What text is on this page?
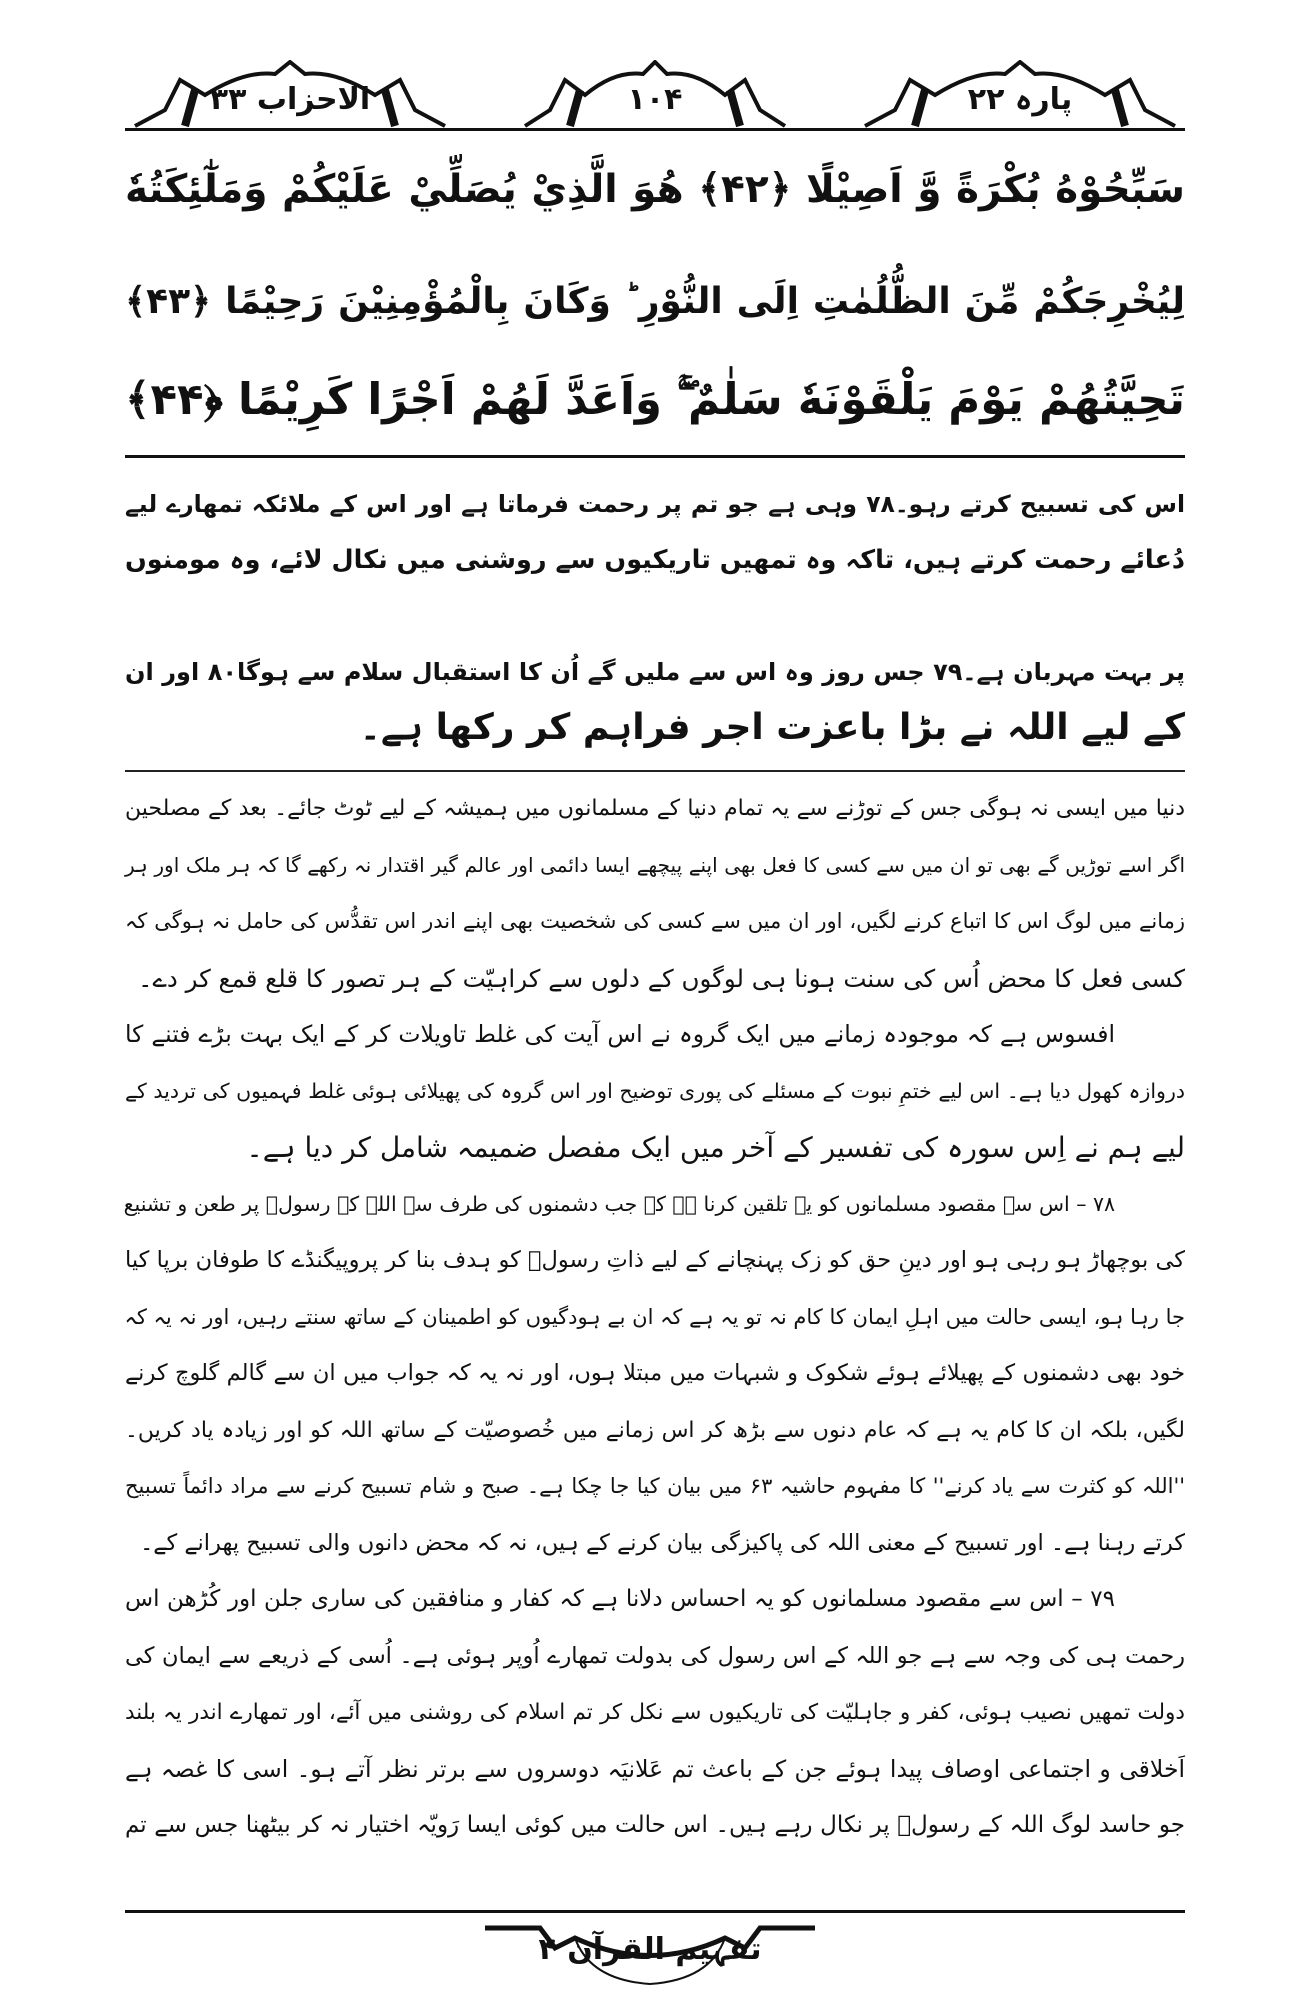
پارہ ۲۲
۱۰۴
الاحزاب ۳۳
سَبِّحُوْهُ بُكْرَةً وَّ اَصِيْلًا ﴿۴۲﴾ هُوَ الَّذِيْ يُصَلِّيْ عَلَيْكُمْ وَمَلٰٓئِكَتُهٗ
لِيُخْرِجَكُمْ مِّنَ الظُّلُمٰتِ اِلَى النُّوْرِ ؕ وَكَانَ بِالْمُؤْمِنِيْنَ رَحِيْمًا ﴿۴۳﴾
تَحِيَّتُهُمْ يَوْمَ يَلْقَوْنَهٗ سَلٰمٌ ۚۖ وَاَعَدَّ لَهُمْ اَجْرًا كَرِيْمًا ﴿۴۴﴾
اس کی تسبیح کرتے رہو۔۷۸ وہی ہے جو تم پر رحمت فرماتا ہے اور اس کے ملائکہ تمھارے لیے
دُعائے رحمت کرتے ہیں، تاکہ وہ تمھیں تاریکیوں سے روشنی میں نکال لائے، وہ مومنوں
پر بہت مہربان ہے۔۷۹ جس روز وہ اس سے ملیں گے اُن کا استقبال سلام سے ہوگا۸۰ اور ان
کے لیے اللہ نے بڑا باعزت اجر فراہم کر رکھا ہے۔
دنیا میں ایسی نہ ہوگی جس کے توڑنے سے یہ تمام دنیا کے مسلمانوں میں ہمیشہ کے لیے ٹوٹ جائے۔ بعد کے مصلحین
اگر اسے توڑیں گے بھی تو ان میں سے کسی کا فعل بھی اپنے پیچھے ایسا دائمی اور عالم گیر اقتدار نہ رکھے گا کہ ہر ملک اور ہر
زمانے میں لوگ اس کا اتباع کرنے لگیں، اور ان میں سے کسی کی شخصیت بھی اپنے اندر اس تقدُّس کی حامل نہ ہوگی کہ
کسی فعل کا محض اُس کی سنت ہونا ہی لوگوں کے دلوں سے کراہیّت کے ہر تصور کا قلع قمع کر دے۔
افسوس ہے کہ موجودہ زمانے میں ایک گروہ نے اس آیت کی غلط تاویلات کر کے ایک بہت بڑے فتنے کا
دروازہ کھول دیا ہے۔ اس لیے ختمِ نبوت کے مسئلے کی پوری توضیح اور اس گروہ کی پھیلائی ہوئی غلط فہمیوں کی تردید کے
لیے ہم نے اِس سورہ کی تفسیر کے آخر میں ایک مفصل ضمیمہ شامل کر دیا ہے۔
۷۸ – اس سے مقصود مسلمانوں کو یہ تلقین کرنا ہے کہ جب دشمنوں کی طرف سے اللہ کے رسولؐ پر طعن و تشنیع
کی بوچھاڑ ہو رہی ہو اور دینِ حق کو زک پہنچانے کے لیے ذاتِ رسولؐ کو ہدف بنا کر پروپیگنڈے کا طوفان برپا کیا
جا رہا ہو، ایسی حالت میں اہلِ ایمان کا کام نہ تو یہ ہے کہ ان بے ہودگیوں کو اطمینان کے ساتھ سنتے رہیں، اور نہ یہ کہ
خود بھی دشمنوں کے پھیلائے ہوئے شکوک و شبہات میں مبتلا ہوں، اور نہ یہ کہ جواب میں ان سے گالم گلوچ کرنے
لگیں، بلکہ ان کا کام یہ ہے کہ عام دنوں سے بڑھ کر اس زمانے میں خُصوصیّت کے ساتھ اللہ کو اور زیادہ یاد کریں۔
''اللہ کو کثرت سے یاد کرنے'' کا مفہوم حاشیہ ۶۳ میں بیان کیا جا چکا ہے۔ صبح و شام تسبیح کرنے سے مراد دائماً تسبیح
کرتے رہنا ہے۔ اور تسبیح کے معنی اللہ کی پاکیزگی بیان کرنے کے ہیں، نہ کہ محض دانوں والی تسبیح پھرانے کے۔
۷۹ – اس سے مقصود مسلمانوں کو یہ احساس دلانا ہے کہ کفار و منافقین کی ساری جلن اور کُڑھن اس
رحمت ہی کی وجہ سے ہے جو اللہ کے اس رسول کی بدولت تمھارے اُوپر ہوئی ہے۔ اُسی کے ذریعے سے ایمان کی
دولت تمھیں نصیب ہوئی، کفر و جاہلیّت کی تاریکیوں سے نکل کر تم اسلام کی روشنی میں آئے، اور تمھارے اندر یہ بلند
اَخلاقی و اجتماعی اوصاف پیدا ہوئے جن کے باعث تم عَلانیَہ دوسروں سے برتر نظر آتے ہو۔ اسی کا غصہ ہے
جو حاسد لوگ اللہ کے رسولؐ پر نکال رہے ہیں۔ اس حالت میں کوئی ایسا رَویّہ اختیار نہ کر بیٹھنا جس سے تم
تفہیم القرآن ۴
